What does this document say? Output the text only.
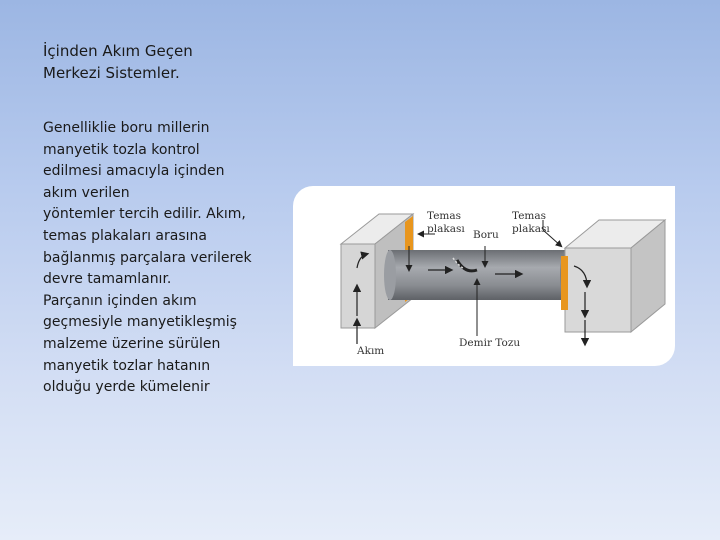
İçinden Akım Geçen
Merkezi Sistemler.

Genelliklie boru millerin
manyetik tozla kontrol
edilmesi amacıyla içinden
akım verilen

yöntemler tercih edilir. Akım,
temas plakaları arasına
bağlanmış parçalara verilerek
devre tamamlanır.

Parçanın içinden akım
geçmesiyle manyetikleşmiş
malzeme üzerine sürülen
manyetik tozlar hatanın
olduğu yerde kümelenir

Temas
plakası Boru
Temas
plakası
Akım
Demir Tozu
